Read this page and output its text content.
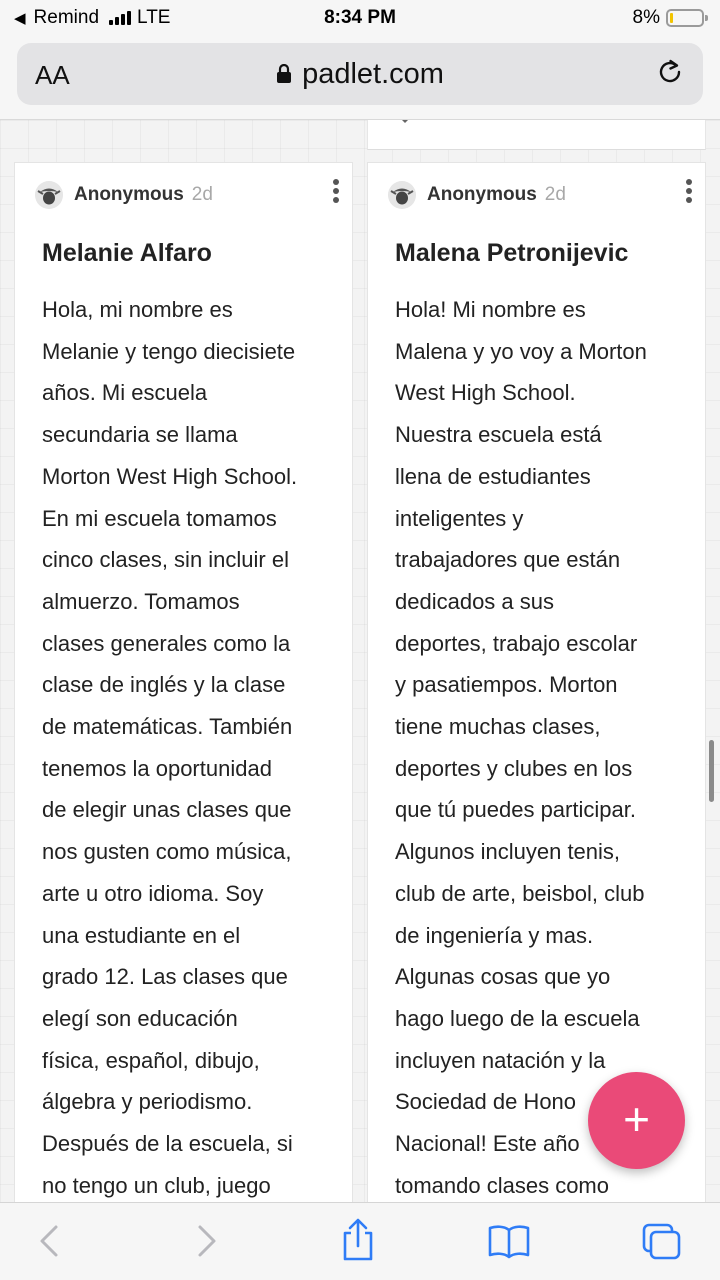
◀ Remind LTE	8:34 PM	8%
AA	padlet.com
Anonymous 2d
Melanie Alfaro
Hola, mi nombre es
Melanie y tengo diecisiete
años. Mi escuela
secundaria se llama
Morton West High School.
En mi escuela tomamos
cinco clases, sin incluir el
almuerzo. Tomamos
clases generales como la
clase de inglés y la clase
de matemáticas. También
tenemos la oportunidad
de elegir unas clases que
nos gusten como música,
arte u otro idioma. Soy
una estudiante en el
grado 12. Las clases que
elegí son educación
física, español, dibujo,
álgebra y periodismo.
Después de la escuela, si
no tengo un club, juego
Anonymous 2d
Malena Petronijevic
Hola! Mi nombre es
Malena y yo voy a Morton
West High School.
Nuestra escuela está
llena de estudiantes
inteligentes y
trabajadores que están
dedicados a sus
deportes, trabajo escolar
y pasatiempos. Morton
tiene muchas clases,
deportes y clubes en los
que tú puedes participar.
Algunos incluyen tenis,
club de arte, beisbol, club
de ingeniería y mas.
Algunas cosas que yo
hago luego de la escuela
incluyen natación y la
Sociedad de Hono
Nacional! Este año
tomando clases como
+
